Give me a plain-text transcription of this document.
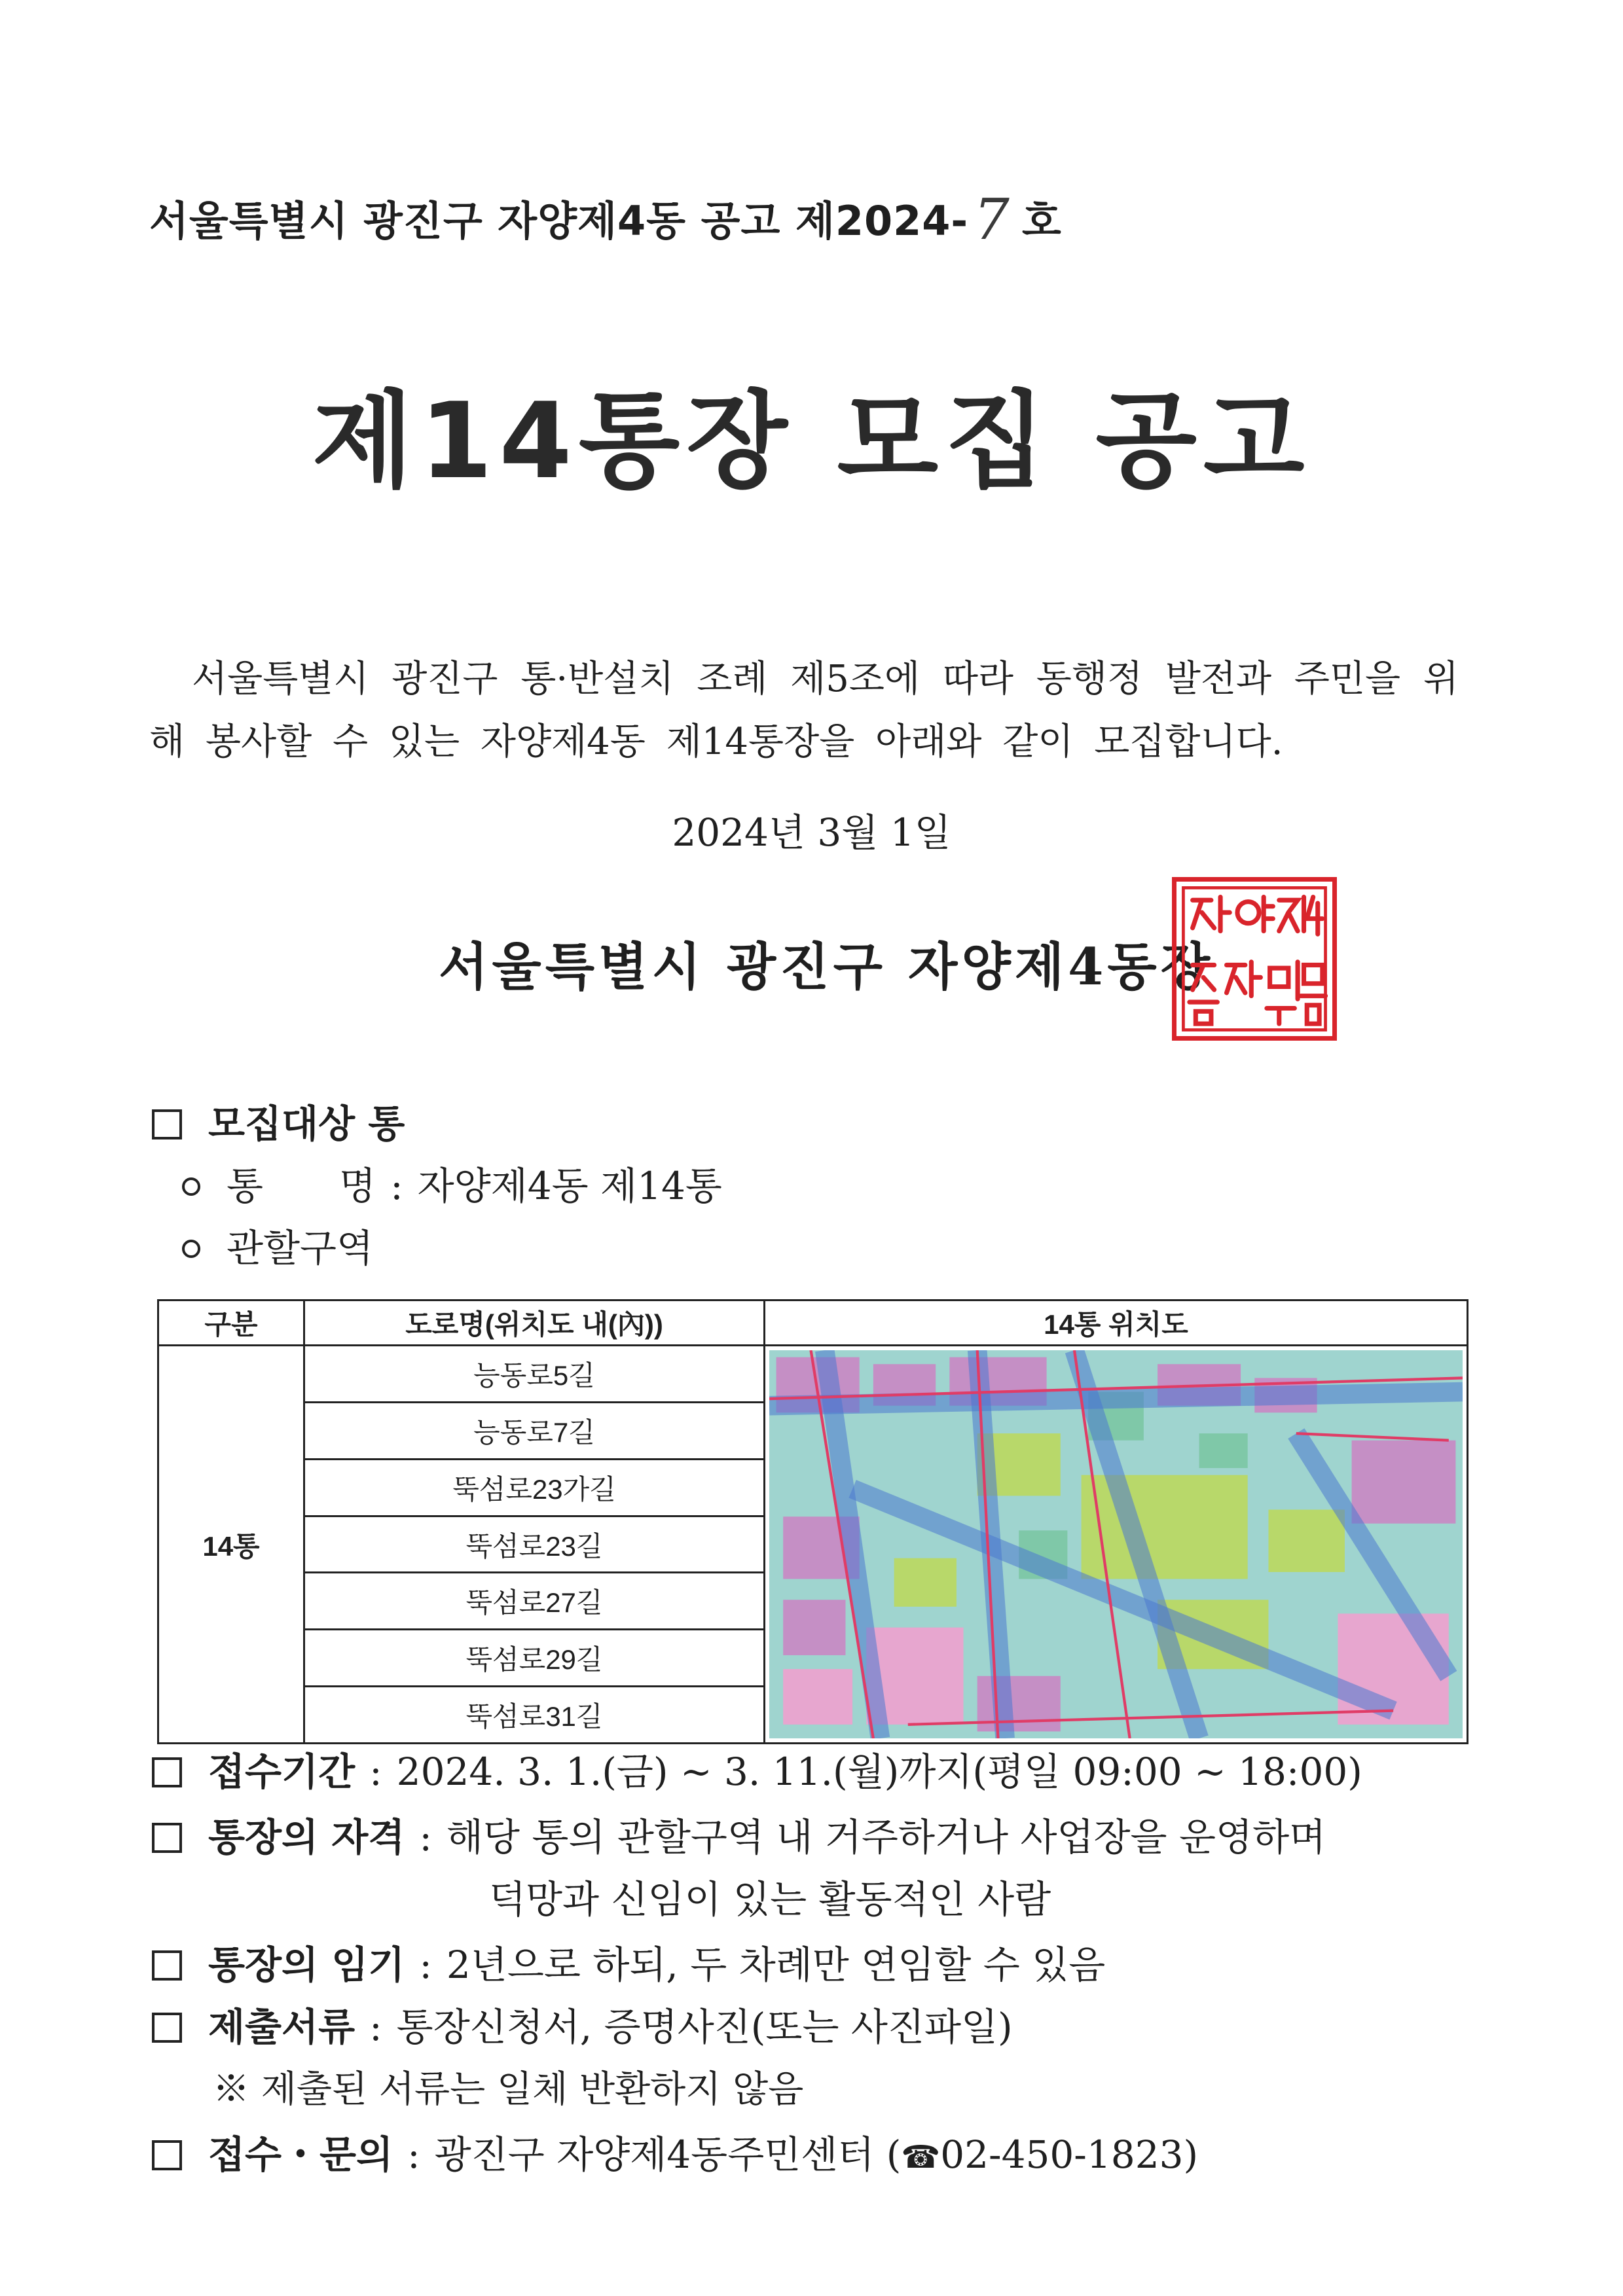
서울특별시 광진구 자양제4동 공고 제2024-7 호
제14통장 모집 공고
서울특별시 광진구 통·반설치 조례 제5조에 따라 동행정 발전과 주민을 위해 봉사할 수 있는 자양제4동 제14통장을 아래와 같이 모집합니다.
2024년 3월 1일
서울특별시 광진구 자양제4동장
모집대상 통
통　　명 : 자양제4동 제14통
관할구역
구분	도로명(위치도 내(內))	14통 위치도
14통	능동로5길	

	능동로7길	
	뚝섬로23가길	
	뚝섬로23길	
	뚝섬로27길	
	뚝섬로29길	
	뚝섬로31길	
접수기간 : 2024. 3. 1.(금) ~ 3. 11.(월)까지(평일 09:00 ~ 18:00)
통장의 자격 : 해당 통의 관할구역 내 거주하거나 사업장을 운영하며
덕망과 신임이 있는 활동적인 사람
통장의 임기 : 2년으로 하되, 두 차례만 연임할 수 있음
제출서류 : 통장신청서, 증명사진(또는 사진파일)
※ 제출된 서류는 일체 반환하지 않음
접수・문의 : 광진구 자양제4동주민센터 (☎02-450-1823)
